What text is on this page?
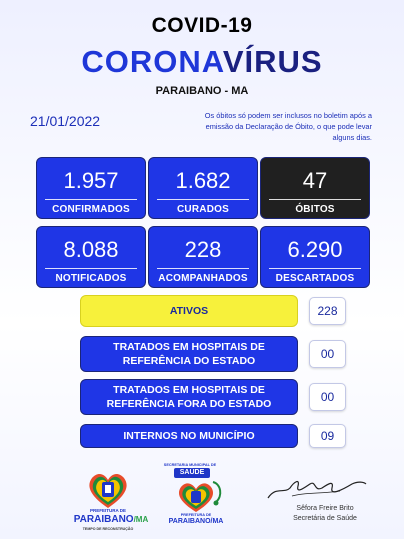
COVID-19
CORONAVÍRUS
PARAIBANO - MA
21/01/2022	Os óbitos só podem ser inclusos no boletim após a emissão da Declaração de Óbito, o que pode levar alguns dias.
1.957
CONFIRMADOS
1.682
CURADOS
47
ÓBITOS
8.088
NOTIFICADOS
228
ACOMPANHADOS
6.290
DESCARTADOS
ATIVOS	228
TRATADOS EM HOSPITAIS DE REFERÊNCIA DO ESTADO	00
TRATADOS EM HOSPITAIS DE REFERÊNCIA FORA DO ESTADO	00
INTERNOS NO MUNICÍPIO	09
PREFEITURA DE
PARAIBANO/MA
TEMPO DE RECONSTRUÇÃO
SECRETARIA MUNICIPAL DE
SAÚDE
PREFEITURA DE
PARAIBANO/MA
Sêfora Freire Brito
Secretária de Saúde
